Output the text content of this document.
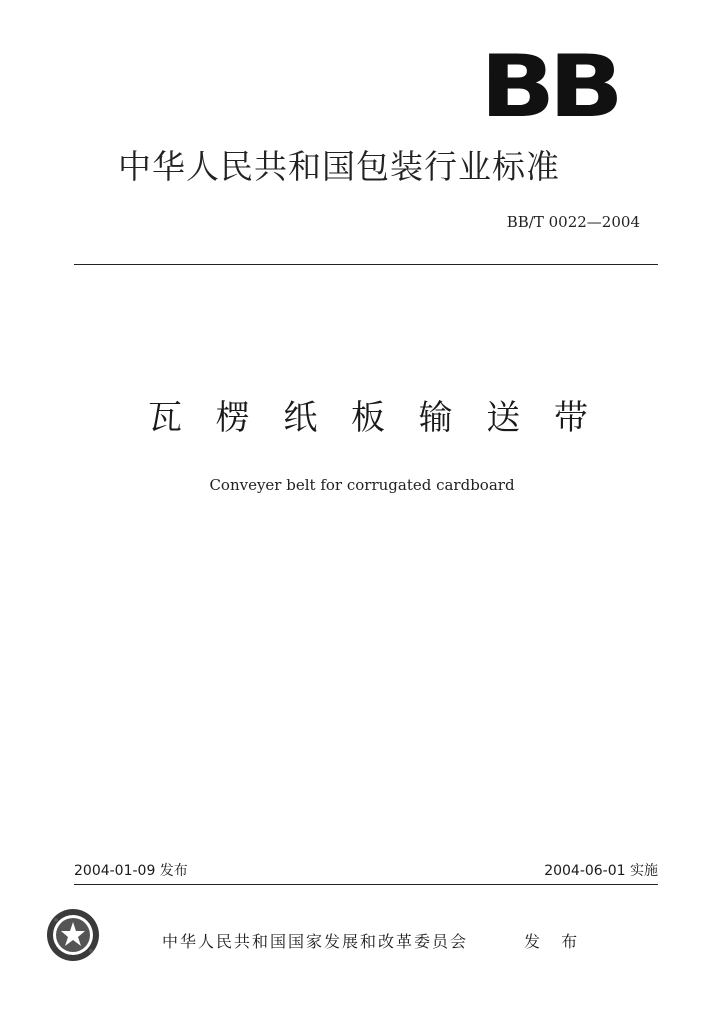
BB
中华人民共和国包装行业标准
BB/T 0022—2004
瓦 楞 纸 板 输 送 带
Conveyer belt for corrugated cardboard
2004-01-09 发布	2004-06-01 实施
中华人民共和国国家发展和改革委员会	发 布
